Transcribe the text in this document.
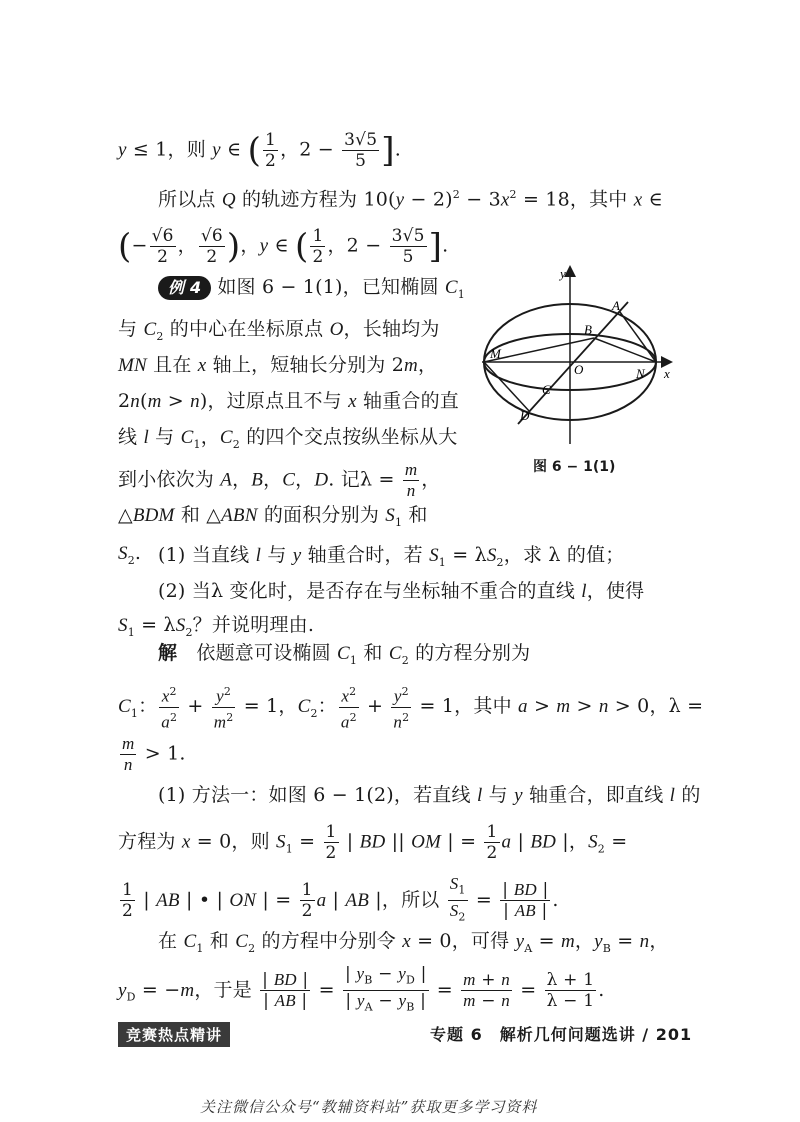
y ≤ 1，则 y ∈ ( $\frac{1}{2}$ ，$2 - \frac{3√5}{5}$ ].
所以点 Q 的轨迹方程为 $10(y - 2)^2 - 3x^2 = 18$，其中 x ∈
(− $\frac{√6}{2}$ ， $\frac{√6}{2}$ )，y ∈ ( $\frac{1}{2}$ ，$2 - \frac{3√5}{5}$ ].
例 4 如图 6 − 1(1)，已知椭圆 $C_1$
与 $C_2$ 的中心在坐标原点 O，长轴均为
MN 且在 x 轴上，短轴长分别为 2m，
2n(m > n)，过原点且不与 x 轴重合的直
线 l 与 $C_1$，$C_2$ 的四个交点按纵坐标从大
到小依次为 A，B，C，D. 记$\lambda = \frac{m}{n}$ ，
△BDM 和 △ABN 的面积分别为 $S_1$ 和
$S_2$.
y
x
A
B
C
D
M
N
O
图 6 − 1(1)
(1) 当直线 l 与 y 轴重合时，若 $S_1 = \lambda S_2$，求 λ 的值；
(2) 当λ 变化时，是否存在与坐标轴不重合的直线 l，使得
$S_1 = \lambda S_2$？并说明理由.
解　依题意可设椭圆 $C_1$ 和 $C_2$ 的方程分别为
$C_1$： $\frac{x^2}{a^2} + \frac{y^2}{m^2} = 1$，$C_2$： $\frac{x^2}{a^2} + \frac{y^2}{n^2} = 1$，其中 a > m > n > 0，λ =
$\frac{m}{n} > 1$.
(1) 方法一：如图 6 − 1(2)，若直线 l 与 y 轴重合，即直线 l 的
方程为 x = 0，则 $S_1 = \frac{1}{2}$ | BD || OM | = $\frac{1}{2}$ a | BD |，$S_2$ =
$\frac{1}{2}$ | AB | • | ON | = $\frac{1}{2}$ a | AB |，所以 $\frac{S_1}{S_2} = \frac{| BD |}{| AB |}$ .
在 $C_1$ 和 $C_2$ 的方程中分别令 x = 0，可得 $y_A = m$，$y_B = n$，
$y_D = -m$，于是 $\frac{| BD |}{| AB |} = \frac{| y_B - y_D |}{| y_A - y_B |} = \frac{m + n}{m - n} = \frac{\lambda + 1}{\lambda - 1}$ .
竞赛热点精讲	专题 6　解析几何问题选讲 / 201
关注微信公众号“教辅资料站”获取更多学习资料
